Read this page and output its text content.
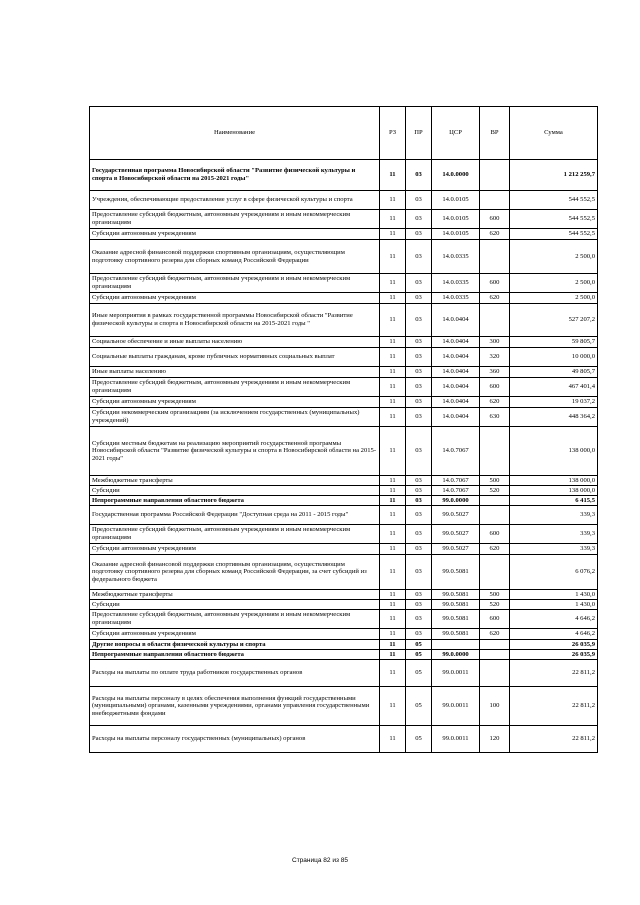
Наименование	РЗ	ПР	ЦСР	ВР	Сумма
Государственная программа Новосибирской области "Развитие физической культуры и спорта в Новосибирской области на 2015-2021 годы"	11	03	14.0.0000		1 212 259,7
Учреждения, обеспечивающие предоставление услуг в сфере физической культуры и спорта	11	03	14.0.0105		544 552,5
Предоставление субсидий бюджетным, автономным учреждениям и иным некоммерческим организациям	11	03	14.0.0105	600	544 552,5
Субсидии автономным учреждениям	11	03	14.0.0105	620	544 552,5
Оказание адресной финансовой поддержки спортивным организациям, осуществляющим подготовку спортивного резерва для сборных команд Российской Федерации	11	03	14.0.0335		2 500,0
Предоставление субсидий бюджетным, автономным учреждениям и иным некоммерческим организациям	11	03	14.0.0335	600	2 500,0
Субсидии автономным учреждениям	11	03	14.0.0335	620	2 500,0
Иные мероприятия в рамках государственной программы Новосибирской области "Развитие физической культуры и спорта в Новосибирской области на 2015-2021 годы "	11	03	14.0.0404		527 207,2
Социальное обеспечение и иные выплаты населению	11	03	14.0.0404	300	59 805,7
Социальные выплаты гражданам, кроме публичных нормативных социальных выплат	11	03	14.0.0404	320	10 000,0
Иные выплаты населению	11	03	14.0.0404	360	49 805,7
Предоставление субсидий бюджетным, автономным учреждениям и иным некоммерческим организациям	11	03	14.0.0404	600	467 401,4
Субсидии автономным учреждениям	11	03	14.0.0404	620	19 037,2
Субсидии некоммерческим организациям (за исключением государственных (муниципальных) учреждений)	11	03	14.0.0404	630	448 364,2
Субсидии местным бюджетам на реализацию мероприятий государственной программы Новосибирской области "Развитие физической культуры и спорта в Новосибирской области на 2015-2021 годы"	11	03	14.0.7067		138 000,0
Межбюджетные трансферты	11	03	14.0.7067	500	138 000,0
Субсидии	11	03	14.0.7067	520	138 000,0
Непрограммные направления областного бюджета	11	03	99.0.0000		6 415,5
Государственная программа Российской Федерации "Доступная среда на 2011 - 2015 годы"	11	03	99.0.5027		339,3
Предоставление субсидий бюджетным, автономным учреждениям и иным некоммерческим организациям	11	03	99.0.5027	600	339,3
Субсидии автономным учреждениям	11	03	99.0.5027	620	339,3
Оказание адресной финансовой поддержки спортивным организациям, осуществляющим подготовку спортивного резерва для сборных команд Российской Федерации, за счет субсидий из федерального бюджета	11	03	99.0.5081		6 076,2
Межбюджетные трансферты	11	03	99.0.5081	500	1 430,0
Субсидии	11	03	99.0.5081	520	1 430,0
Предоставление субсидий бюджетным, автономным учреждениям и иным некоммерческим организациям	11	03	99.0.5081	600	4 646,2
Субсидии автономным учреждениям	11	03	99.0.5081	620	4 646,2
Другие вопросы в области физической культуры и спорта	11	05			26 035,9
Непрограммные направления областного бюджета	11	05	99.0.0000		26 035,9
Расходы на выплаты по оплате труда работников государственных органов	11	05	99.0.0011		22 811,2
Расходы на выплаты персоналу в целях обеспечения выполнения функций государственными (муниципальными) органами, казенными учреждениями, органами управления государственными внебюджетными фондами	11	05	99.0.0011	100	22 811,2
Расходы на выплаты персоналу государственных (муниципальных) органов	11	05	99.0.0011	120	22 811,2
Страница 82 из 85
